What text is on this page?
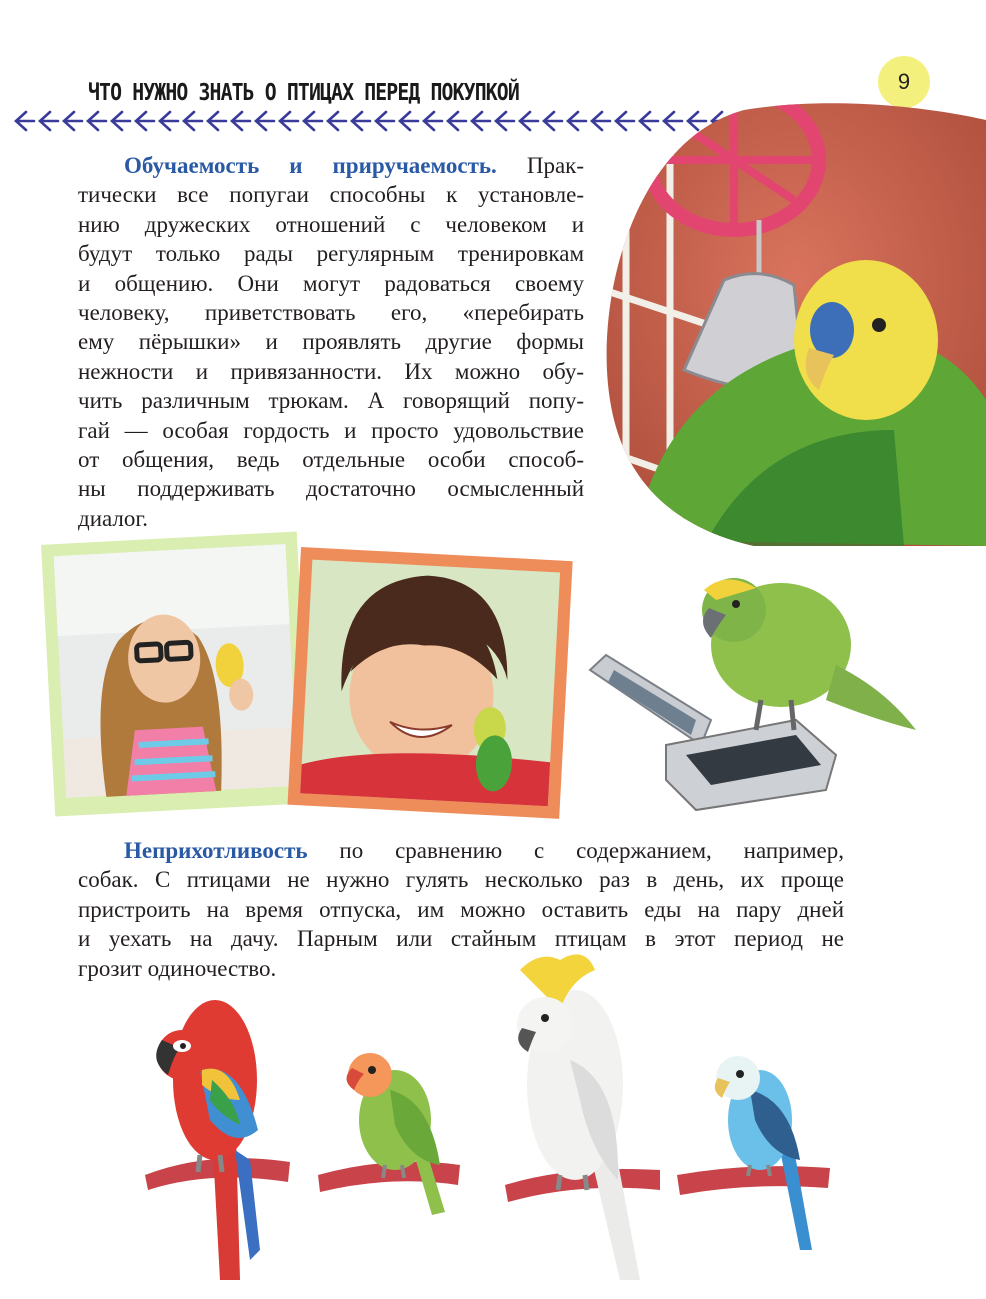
ЧТО НУЖНО ЗНАТЬ О ПТИЦАХ ПЕРЕД ПОКУПКОЙ	9
Обучаемость и приручаемость. Прак-
тически все попугаи способны к установле-
нию дружеских отношений с человеком и
будут только рады регулярным тренировкам
и общению. Они могут радоваться своему
человеку, приветствовать его, «перебирать
ему пёрышки» и проявлять другие формы
нежности и привязанности. Их можно обу-
чить различным трюкам. А говорящий попу-
гай — особая гордость и просто удовольствие
от общения, ведь отдельные особи способ-
ны поддерживать достаточно осмысленный
диалог.
Неприхотливость по сравнению с содержанием, например,
собак. С птицами не нужно гулять несколько раз в день, их проще
пристроить на время отпуска, им можно оставить еды на пару дней
и уехать на дачу. Парным или стайным птицам в этот период не
грозит одиночество.
